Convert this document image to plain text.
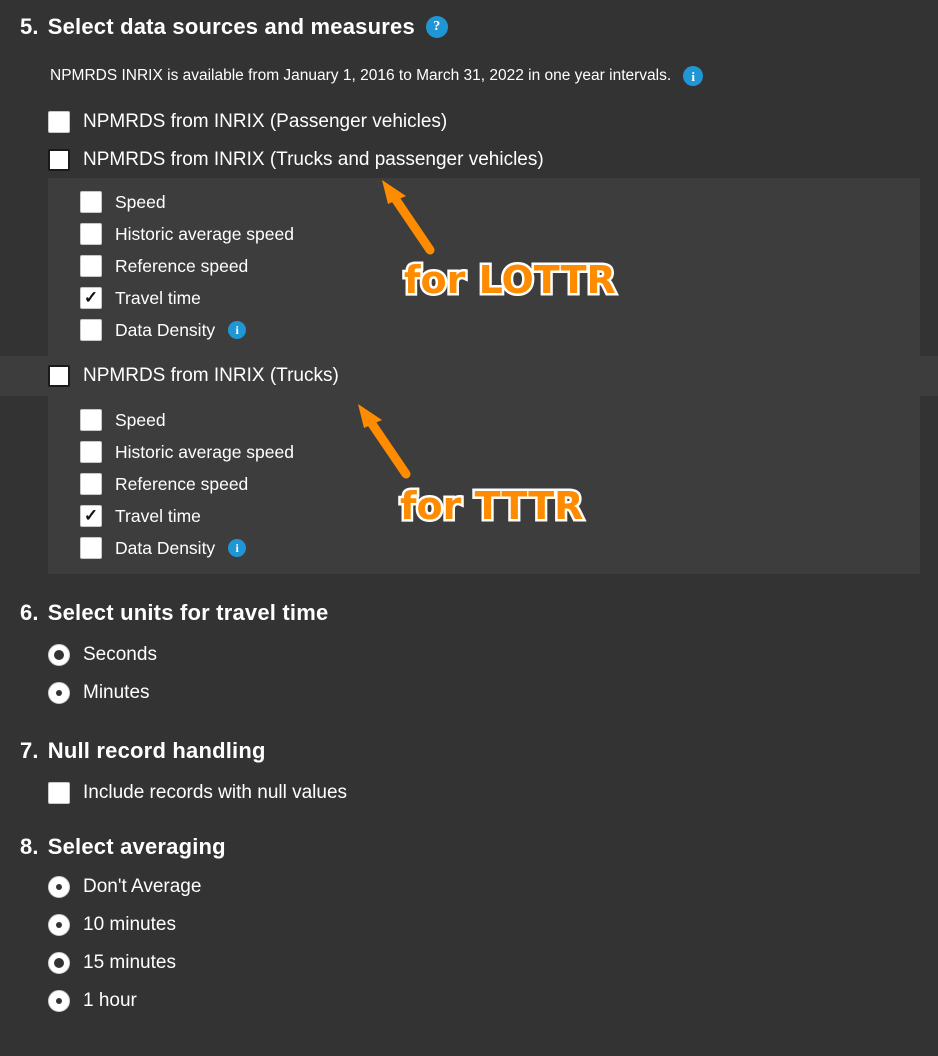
5. Select data sources and measures	?
NPMRDS INRIX is available from January 1, 2016 to March 31, 2022 in one year intervals.	i
NPMRDS from INRIX (Passenger vehicles)
NPMRDS from INRIX (Trucks and passenger vehicles)
Speed
Historic average speed
Reference speed
✓
Travel time
Data Density	i
NPMRDS from INRIX (Trucks)
Speed
Historic average speed
Reference speed
✓
Travel time
Data Density	i
6. Select units for travel time
Seconds
Minutes
7. Null record handling
Include records with null values
8. Select averaging
Don't Average
10 minutes
15 minutes
1 hour
for LOTTR
for TTTR
